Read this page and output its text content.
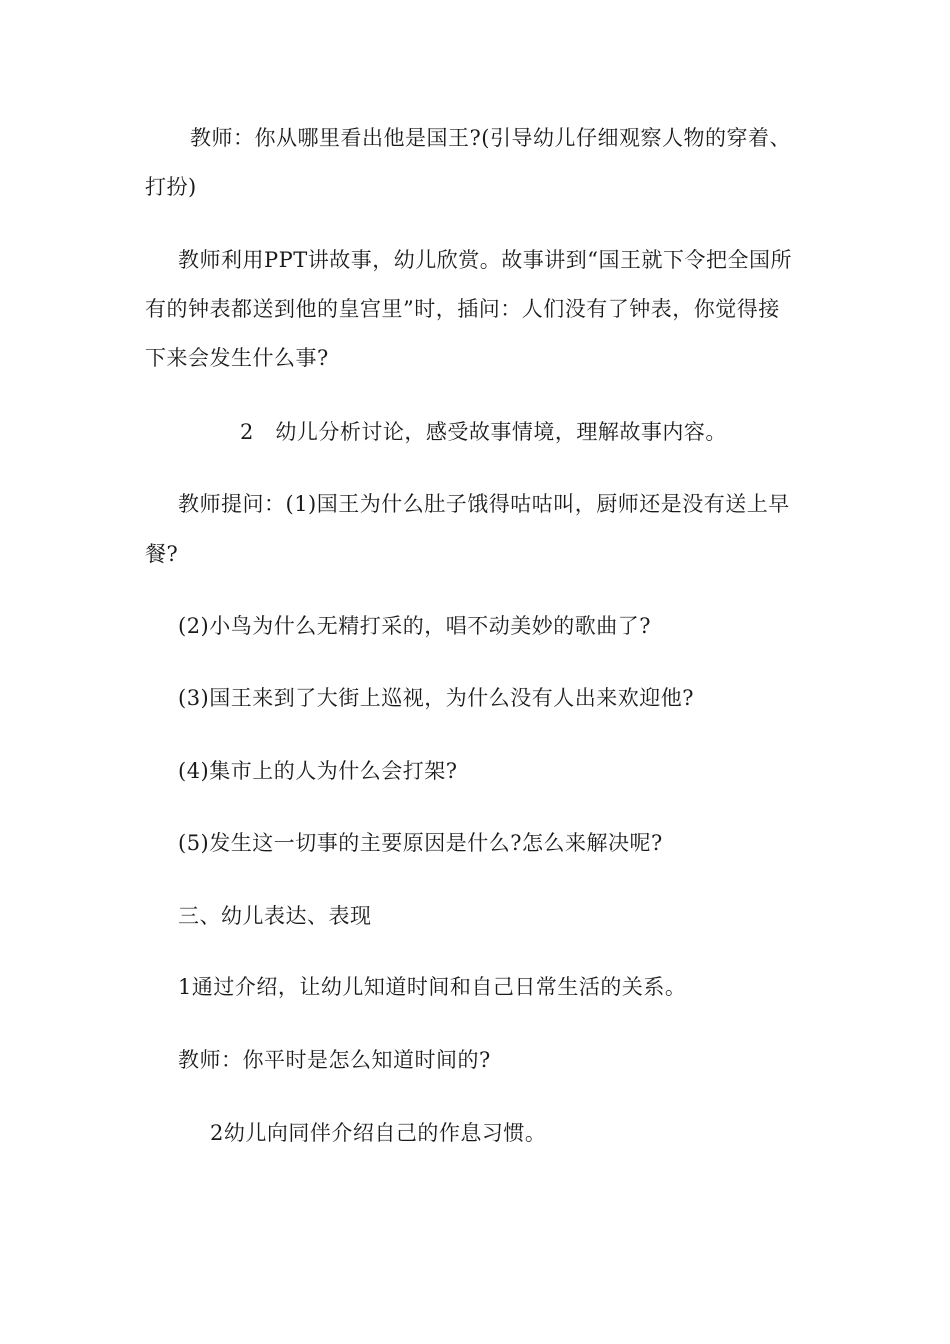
教师：你从哪里看出他是国王?(引导幼儿仔细观察人物的穿着、
打扮)
教师利用PPT讲故事，幼儿欣赏。故事讲到“国王就下令把全国所
有的钟表都送到他的皇宫里”时，插问：人们没有了钟表，你觉得接
下来会发生什么事?
2　幼儿分析讨论，感受故事情境，理解故事内容。
教师提问：(1)国王为什么肚子饿得咕咕叫，厨师还是没有送上早
餐?
(2)小鸟为什么无精打采的，唱不动美妙的歌曲了?
(3)国王来到了大街上巡视，为什么没有人出来欢迎他?
(4)集市上的人为什么会打架?
(5)发生这一切事的主要原因是什么?怎么来解决呢?
三、幼儿表达、表现
1通过介绍，让幼儿知道时间和自己日常生活的关系。
教师：你平时是怎么知道时间的?
2幼儿向同伴介绍自己的作息习惯。
